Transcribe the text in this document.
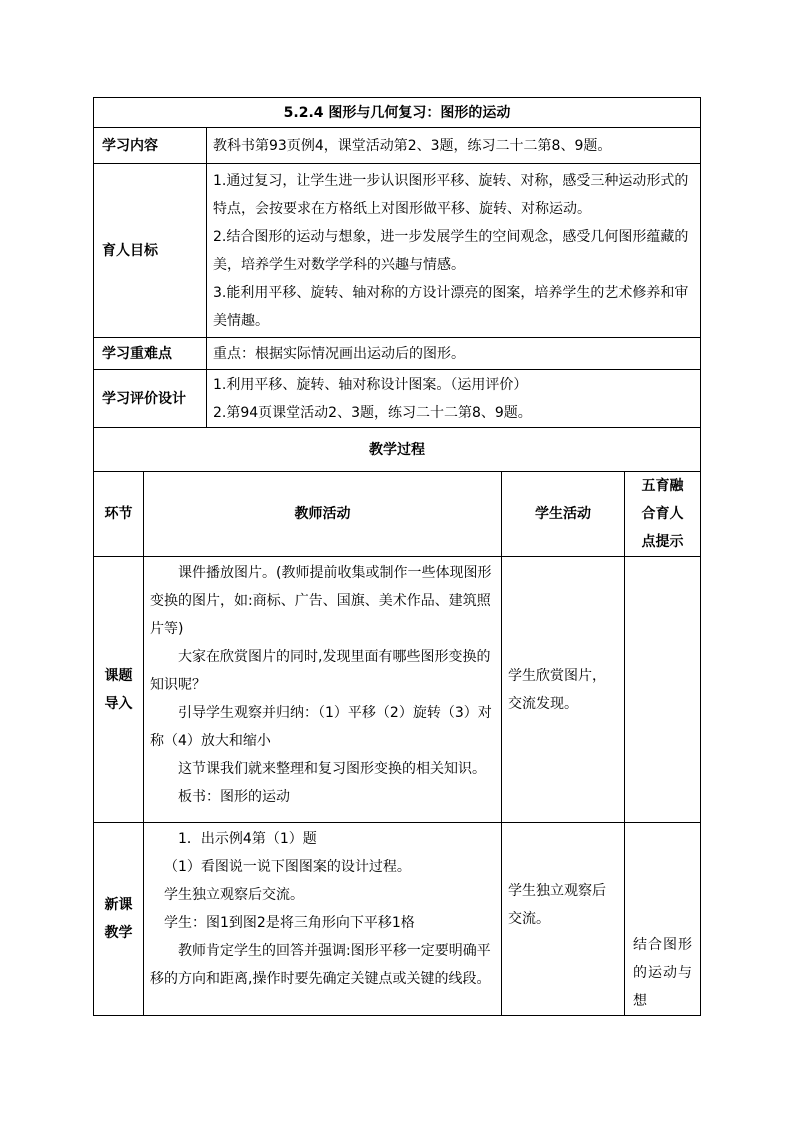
5.2.4 图形与几何复习：图形的运动				
学习内容		教科书第93页例4，课堂活动第2、3题，练习二十二第8、9题。		
育人目标		1.通过复习，让学生进一步认识图形平移、旋转、对称，感受三种运动形式的特点，会按要求在方格纸上对图形做平移、旋转、对称运动。

2.结合图形的运动与想象，进一步发展学生的空间观念，感受几何图形蕴藏的美，培养学生对数学学科的兴趣与情感。

3.能利用平移、旋转、轴对称的方设计漂亮的图案，培养学生的艺术修养和审美情趣。		

学习重难点		重点：根据实际情况画出运动后的图形。		
学习评价设计		1.利用平移、旋转、轴对称设计图案。（运用评价）

2.第94页课堂活动2、3题，练习二十二第8、9题。		

教学过程				
环节	教师活动		学生活动	五育融合育人点提示
课题导入	课件播放图片。(教师提前收集或制作一些体现图形变换的图片，如:商标、广告、国旗、美术作品、建筑照片等)

大家在欣赏图片的同时,发现里面有哪些图形变换的知识呢？

引导学生观察并归纳：（1）平移（2）旋转（3）对称（4）放大和缩小

这节课我们就来整理和复习图形变换的相关知识。

板书：图形的运动		学生欣赏图片，交流发现。	
新课教学	1．出示例4第（1）题

（1）看图说一说下图图案的设计过程。

学生独立观察后交流。

学生：图1到图2是将三角形向下平移1格

教师肯定学生的回答并强调:图形平移一定要明确平移的方向和距离,操作时要先确定关键点或关键的线段。		学生独立观察后交流。	结合图形的运动与想
